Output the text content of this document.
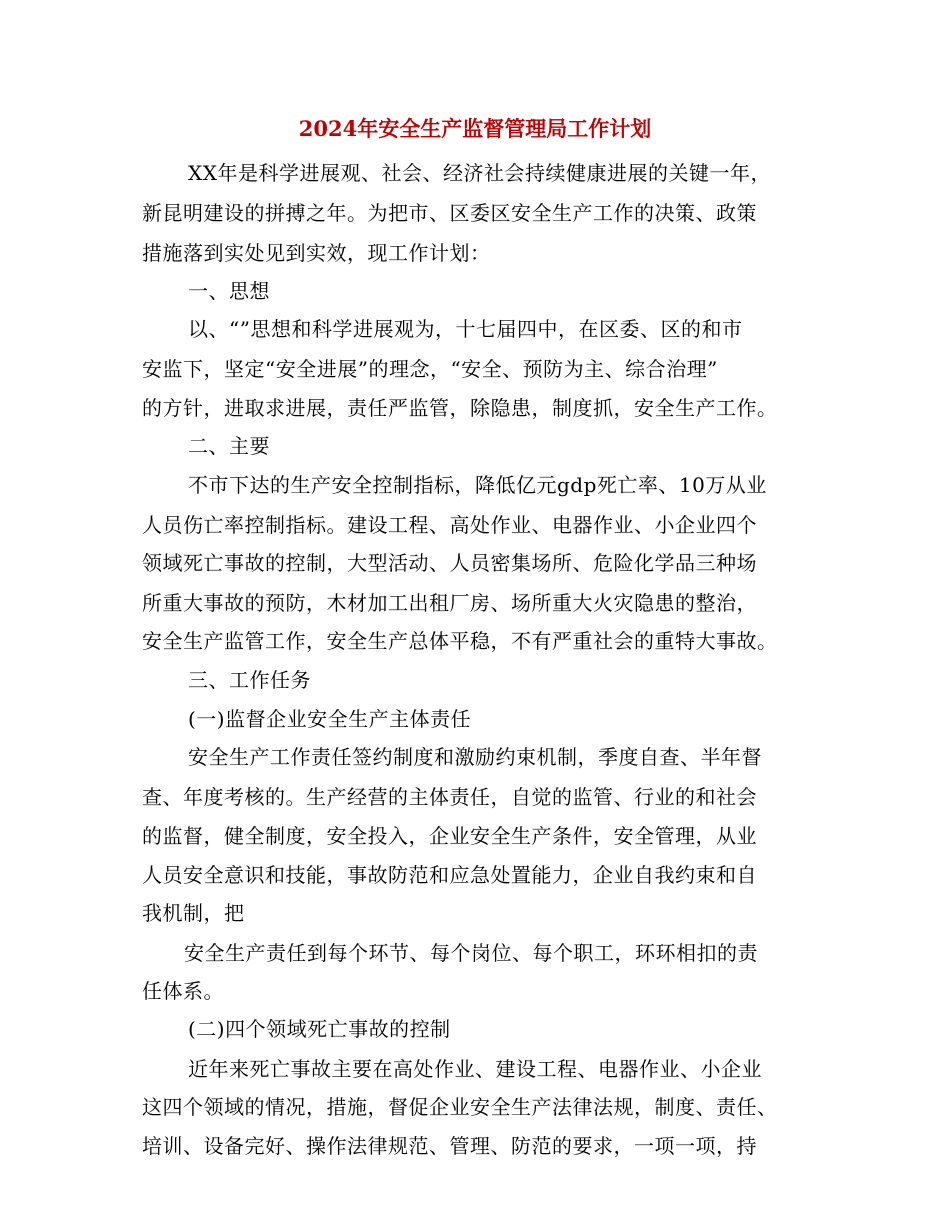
2024年安全生产监督管理局工作计划
XX年是科学进展观、社会、经济社会持续健康进展的关键一年，
新昆明建设的拼搏之年。为把市、区委区安全生产工作的决策、政策
措施落到实处见到实效，现工作计划：
一、思想
以、“”思想和科学进展观为，十七届四中，在区委、区的和市
安监下，坚定“安全进展”的理念，“安全、预防为主、综合治理”
的方针，进取求进展，责任严监管，除隐患，制度抓，安全生产工作。
二、主要
不市下达的生产安全控制指标，降低亿元gdp死亡率、10万从业
人员伤亡率控制指标。建设工程、高处作业、电器作业、小企业四个
领域死亡事故的控制，大型活动、人员密集场所、危险化学品三种场
所重大事故的预防，木材加工出租厂房、场所重大火灾隐患的整治，
安全生产监管工作，安全生产总体平稳，不有严重社会的重特大事故。
三、工作任务
(一)监督企业安全生产主体责任
安全生产工作责任签约制度和激励约束机制，季度自查、半年督
查、年度考核的。生产经营的主体责任，自觉的监管、行业的和社会
的监督，健全制度，安全投入，企业安全生产条件，安全管理，从业
人员安全意识和技能，事故防范和应急处置能力，企业自我约束和自
我机制，把
安全生产责任到每个环节、每个岗位、每个职工，环环相扣的责
任体系。
(二)四个领域死亡事故的控制
近年来死亡事故主要在高处作业、建设工程、电器作业、小企业
这四个领域的情况，措施，督促企业安全生产法律法规，制度、责任、
培训、设备完好、操作法律规范、管理、防范的要求，一项一项，持
